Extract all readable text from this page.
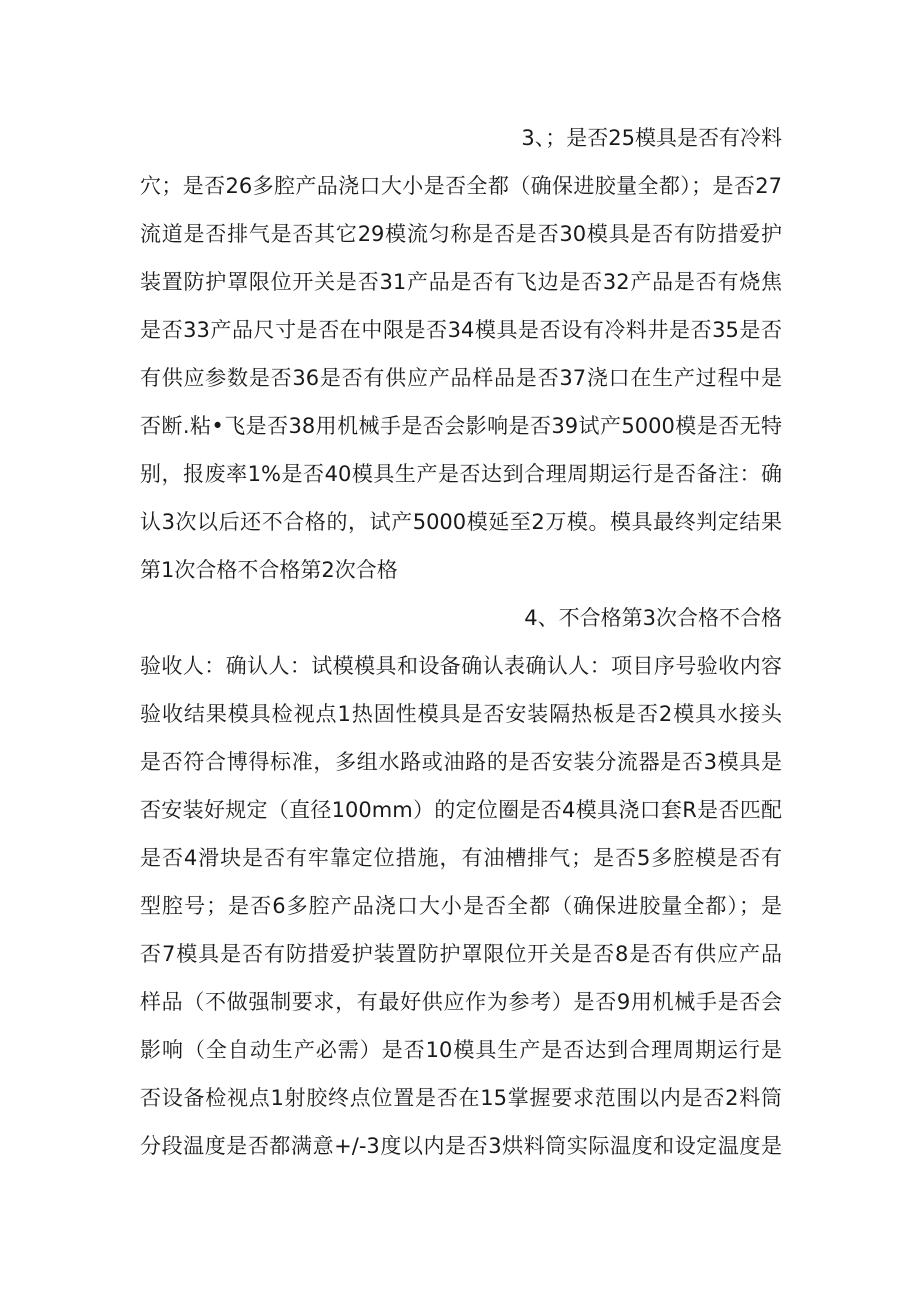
3、；是否25模具是否有冷料
穴；是否26多腔产品浇口大小是否全都（确保进胶量全都）；是否27
流道是否排气是否其它29模流匀称是否是否30模具是否有防措爱护
装置防护罩限位开关是否31产品是否有飞边是否32产品是否有烧焦
是否33产品尺寸是否在中限是否34模具是否设有冷料井是否35是否
有供应参数是否36是否有供应产品样品是否37浇口在生产过程中是
否断.粘•飞是否38用机械手是否会影响是否39试产5000模是否无特
别，报废率1%是否40模具生产是否达到合理周期运行是否备注：确
认3次以后还不合格的，试产5000模延至2万模。模具最终判定结果
第1次合格不合格第2次合格
4、不合格第3次合格不合格
验收人：确认人：试模模具和设备确认表确认人：项目序号验收内容
验收结果模具检视点1热固性模具是否安装隔热板是否2模具水接头
是否符合博得标准，多组水路或油路的是否安装分流器是否3模具是
否安装好规定（直径100mm）的定位圈是否4模具浇口套R是否匹配
是否4滑块是否有牢靠定位措施，有油槽排气；是否5多腔模是否有
型腔号；是否6多腔产品浇口大小是否全都（确保进胶量全都）；是
否7模具是否有防措爱护装置防护罩限位开关是否8是否有供应产品
样品（不做强制要求，有最好供应作为参考）是否9用机械手是否会
影响（全自动生产必需）是否10模具生产是否达到合理周期运行是
否设备检视点1射胶终点位置是否在15掌握要求范围以内是否2料筒
分段温度是否都满意+/-3度以内是否3烘料筒实际温度和设定温度是
